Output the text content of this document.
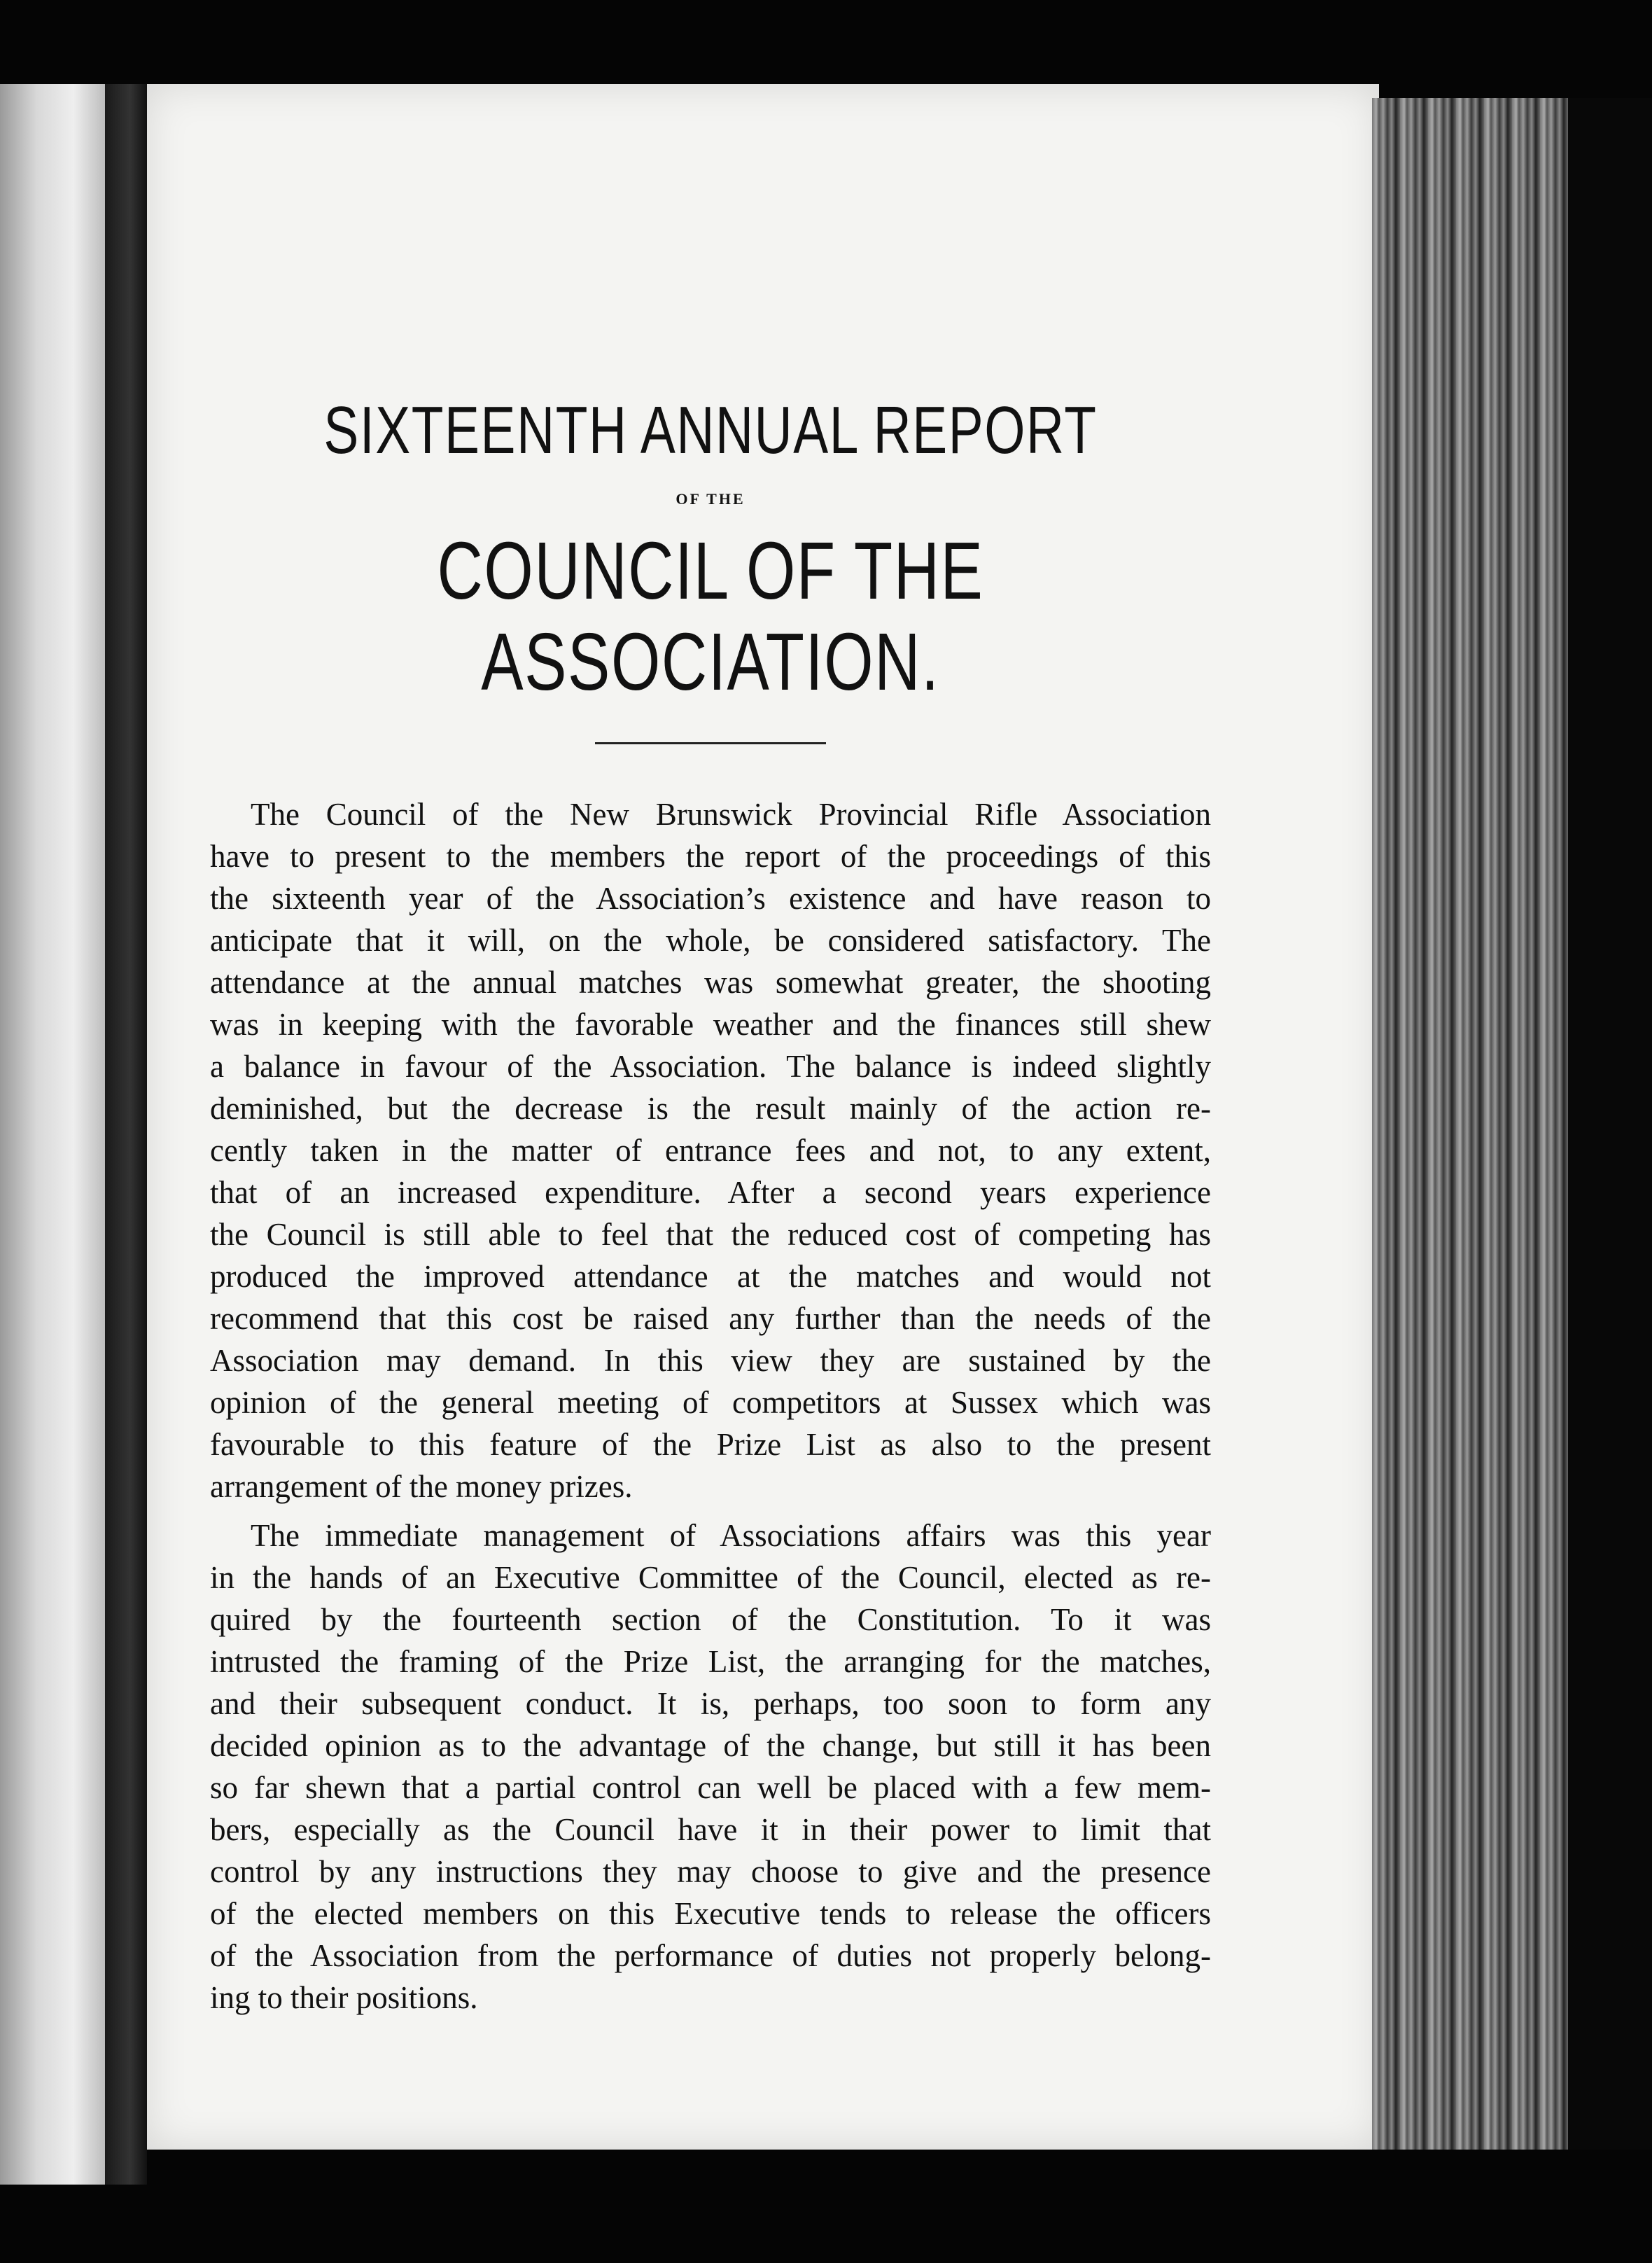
SIXTEENTH ANNUAL REPORT
OF THE
COUNCIL OF THE ASSOCIATION.
The Council of the New Brunswick Provincial Rifle Association
have to present to the members the report of the proceedings of this
the sixteenth year of the Association’s existence and have reason to
anticipate that it will, on the whole, be considered satisfactory. The
attendance at the annual matches was somewhat greater, the shooting
was in keeping with the favorable weather and the finances still shew
a balance in favour of the Association. The balance is indeed slightly
deminished, but the decrease is the result mainly of the action re-
cently taken in the matter of entrance fees and not, to any extent,
that of an increased expenditure. After a second years experience
the Council is still able to feel that the reduced cost of competing has
produced the improved attendance at the matches and would not
recommend that this cost be raised any further than the needs of the
Association may demand. In this view they are sustained by the
opinion of the general meeting of competitors at Sussex which was
favourable to this feature of the Prize List as also to the present
arrangement of the money prizes.
The immediate management of Associations affairs was this year
in the hands of an Executive Committee of the Council, elected as re-
quired by the fourteenth section of the Constitution. To it was
intrusted the framing of the Prize List, the arranging for the matches,
and their subsequent conduct. It is, perhaps, too soon to form any
decided opinion as to the advantage of the change, but still it has been
so far shewn that a partial control can well be placed with a few mem-
bers, especially as the Council have it in their power to limit that
control by any instructions they may choose to give and the presence
of the elected members on this Executive tends to release the officers
of the Association from the performance of duties not properly belong-
ing to their positions.
